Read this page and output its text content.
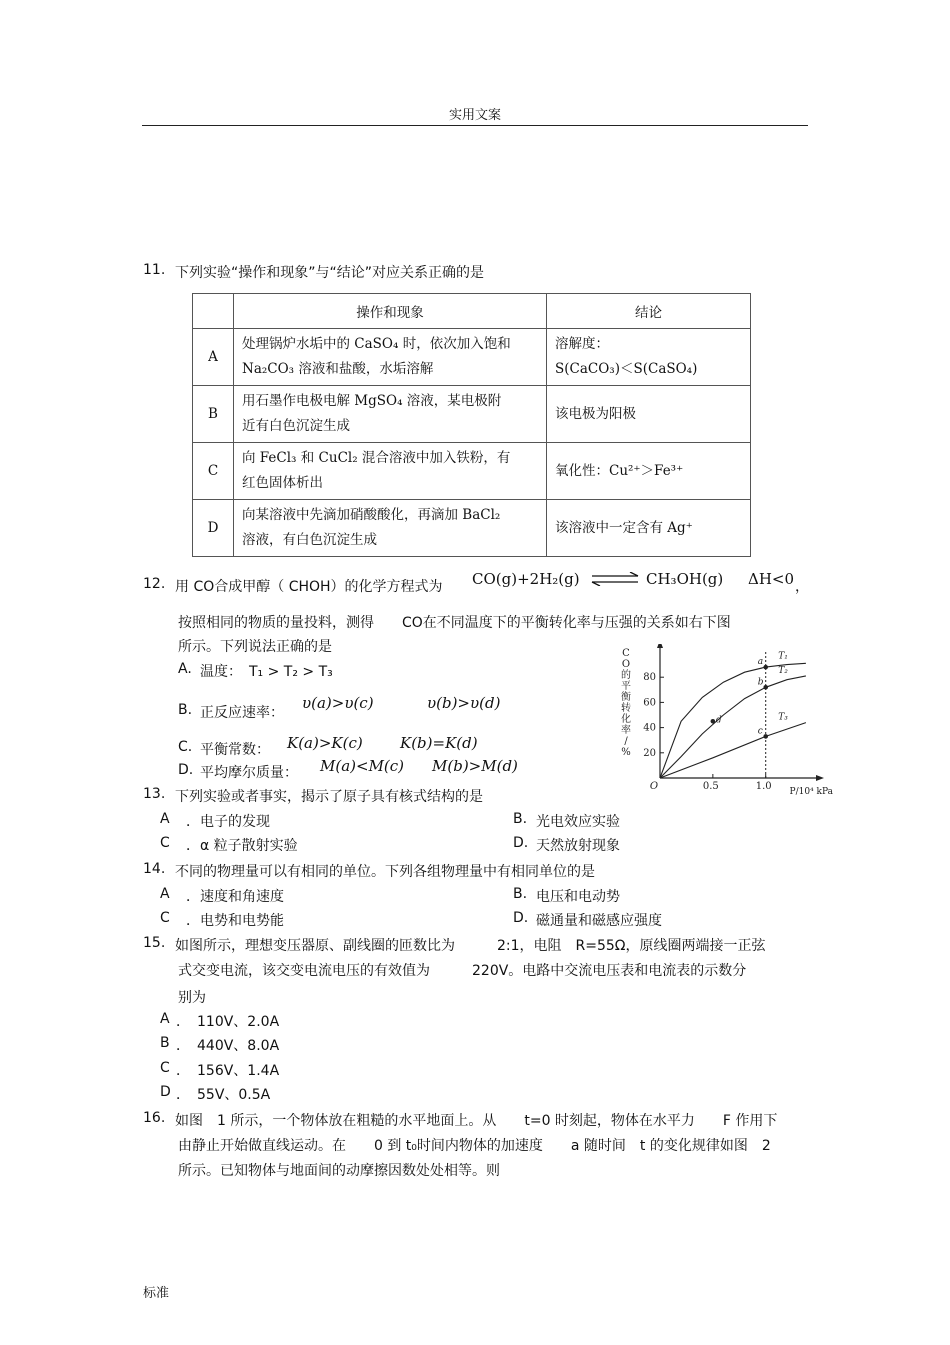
实用文案
11. 下列实验“操作和现象”与“结论”对应关系正确的是
	操作和现象	结论
A	处理锅炉水垢中的 CaSO₄ 时，依次加入饱和
Na₂CO₃ 溶液和盐酸，水垢溶解	溶解度：
S(CaCO₃)＜S(CaSO₄)
B	用石墨作电极电解 MgSO₄ 溶液，某电极附
近有白色沉淀生成	该电极为阳极
C	向 FeCl₃ 和 CuCl₂ 混合溶液中加入铁粉，有
红色固体析出	氧化性：Cu²⁺＞Fe³⁺
D	向某溶液中先滴加硝酸酸化，再滴加 BaCl₂
溶液，有白色沉淀生成	该溶液中一定含有 Ag⁺
12. 用 CO合成甲醇（ CHOH）的化学方程式为 CO(g)+2H₂(g) ⇌ CH₃OH(g) ΔH<0 ，
按照相同的物质的量投料，测得　　CO在不同温度下的平衡转化率与压强的关系如右下图
所示。下列说法正确的是
A. 温度：　T₁ > T₂ > T₃
B. 正反应速率：
υ(a)>υ(c)	υ(b)>υ(d)
C. 平衡常数： K(a)>K(c) K(b)=K(d)
D. 平均摩尔质量： M(a)<M(c) M(b)>M(d)
C
O
的
平
衡
转
化
率
/
% 20
40
60
80
0.5	1.0
O	P/10⁴ kPa
T₁
T₂
T₃
a
b
c
d
13. 下列实验或者事实，揭示了原子具有核式结构的是
A ．电子的发现	B. 光电效应实验
C ．α 粒子散射实验	D. 天然放射现象
14. 不同的物理量可以有相同的单位。下列各组物理量中有相同单位的是
A ．速度和角速度	B. 电压和电动势
C ．电势和电势能	D. 磁通量和磁感应强度
15. 如图所示，理想变压器原、副线圈的匝数比为　　　2:1，电阻　R=55Ω，原线圈两端接一正弦
式交变电流，该交变电流电压的有效值为　　　220V。电路中交流电压表和电流表的示数分
别为
A ．　110V、2.0A
B ．　440V、8.0A
C ．　156V、1.4A
D ．　55V、0.5A
16. 如图　1 所示，一个物体放在粗糙的水平地面上。从　　t=0 时刻起，物体在水平力　　F 作用下
由静止开始做直线运动。在　　0 到 t₀时间内物体的加速度　　a 随时间　t 的变化规律如图　2
所示。已知物体与地面间的动摩擦因数处处相等。则
标准
